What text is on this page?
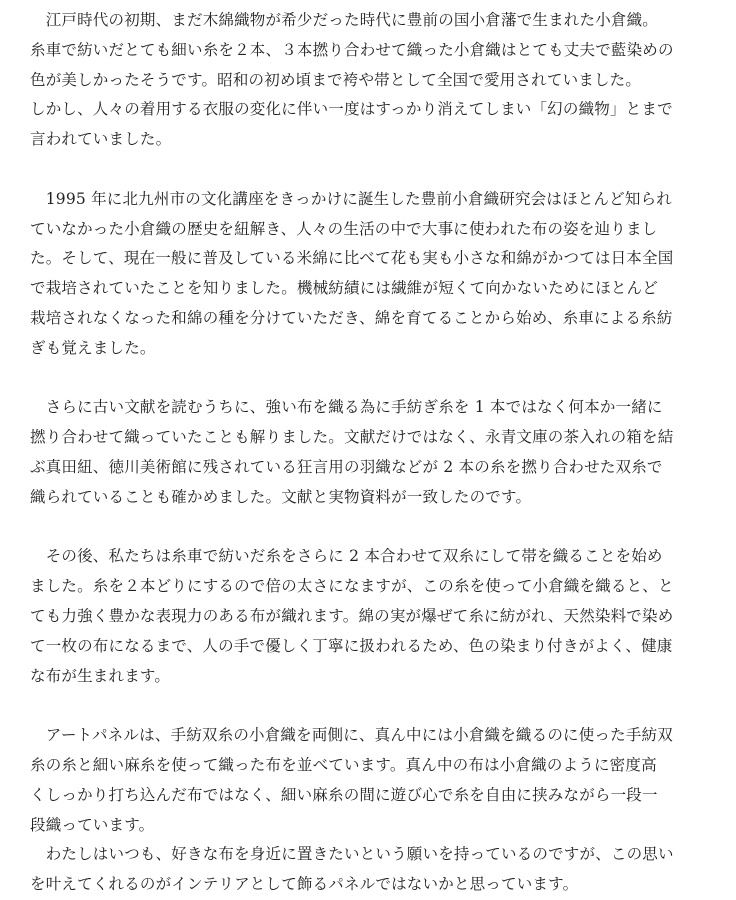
　江戸時代の初期、まだ木綿織物が希少だった時代に豊前の国小倉藩で生まれた小倉織。
糸車で紡いだとても細い糸を２本、３本撚り合わせて織った小倉織はとても丈夫で藍染めの
色が美しかったそうです。昭和の初め頃まで袴や帯として全国で愛用されていました。
しかし、人々の着用する衣服の変化に伴い一度はすっかり消えてしまい「幻の織物」とまで
言われていました。
　1995 年に北九州市の文化講座をきっかけに誕生した豊前小倉織研究会はほとんど知られ
ていなかった小倉織の歴史を紐解き、人々の生活の中で大事に使われた布の姿を辿りまし
た。そして、現在一般に普及している米綿に比べて花も実も小さな和綿がかつては日本全国
で栽培されていたことを知りました。機械紡績には繊維が短くて向かないためにほとんど
栽培されなくなった和綿の種を分けていただき、綿を育てることから始め、糸車による糸紡
ぎも覚えました。
　さらに古い文献を読むうちに、強い布を織る為に手紡ぎ糸を 1 本ではなく何本か一緒に
撚り合わせて織っていたことも解りました。文献だけではなく、永青文庫の茶入れの箱を結
ぶ真田紐、徳川美術館に残されている狂言用の羽織などが 2 本の糸を撚り合わせた双糸で
織られていることも確かめました。文献と実物資料が一致したのです。
　その後、私たちは糸車で紡いだ糸をさらに 2 本合わせて双糸にして帯を織ることを始め
ました。糸を２本どりにするので倍の太さになますが、この糸を使って小倉織を織ると、と
ても力強く豊かな表現力のある布が織れます。綿の実が爆ぜて糸に紡がれ、天然染料で染め
て一枚の布になるまで、人の手で優しく丁寧に扱われるため、色の染まり付きがよく、健康
な布が生まれます。
　アートパネルは、手紡双糸の小倉織を両側に、真ん中には小倉織を織るのに使った手紡双
糸の糸と細い麻糸を使って織った布を並べています。真ん中の布は小倉織のように密度高
くしっかり打ち込んだ布ではなく、細い麻糸の間に遊び心で糸を自由に挟みながら一段一
段織っています。
　わたしはいつも、好きな布を身近に置きたいという願いを持っているのですが、この思い
を叶えてくれるのがインテリアとして飾るパネルではないかと思っています。
